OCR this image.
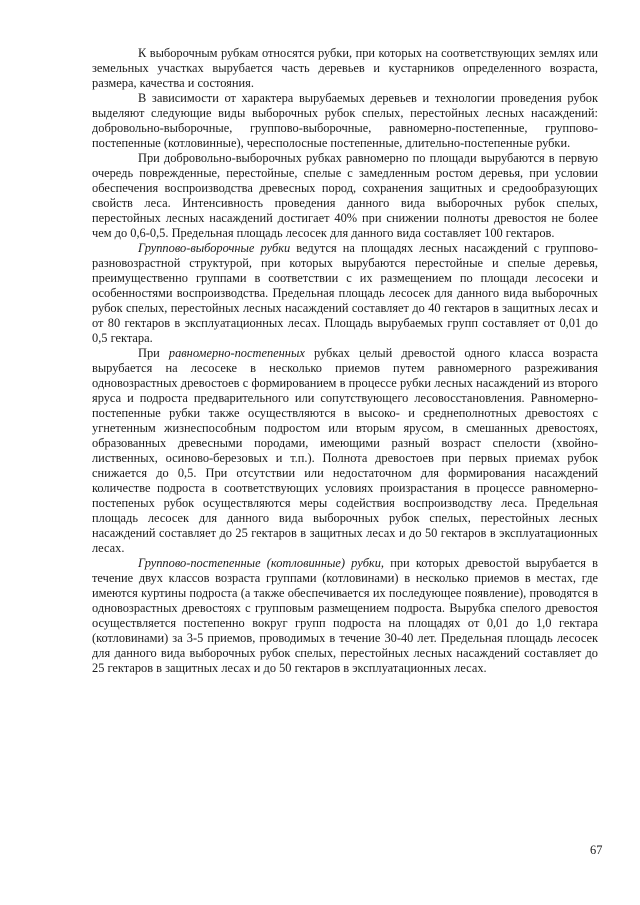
К выборочным рубкам относятся рубки, при которых на соответствующих землях или земельных участках вырубается часть деревьев и кустарников определенного возраста, размера, качества и состояния.

В зависимости от характера вырубаемых деревьев и технологии проведения рубок выделяют следующие виды выборочных рубок спелых, перестойных лесных насаждений: добровольно-выборочные, группово-выборочные, равномерно-постепенные, группово-постепенные (котловинные), чересполосные постепенные, длительно-постепенные рубки.

При добровольно-выборочных рубках равномерно по площади вырубаются в первую очередь поврежденные, перестойные, спелые с замедленным ростом деревья, при условии обеспечения воспроизводства древесных пород, сохранения защитных и средообразующих свойств леса. Интенсивность проведения данного вида выборочных рубок спелых, перестойных лесных насаждений достигает 40% при снижении полноты древостоя не более чем до 0,6-0,5. Предельная площадь лесосек для данного вида составляет 100 гектаров.

Группово-выборочные рубки ведутся на площадях лесных насаждений с группово-разновозрастной структурой, при которых вырубаются перестойные и спелые деревья, преимущественно группами в соответствии с их размещением по площади лесосеки и особенностями воспроизводства. Предельная площадь лесосек для данного вида выборочных рубок спелых, перестойных лесных насаждений составляет до 40 гектаров в защитных лесах и от 80 гектаров в эксплуатационных лесах. Площадь вырубаемых групп составляет от 0,01 до 0,5 гектара.

При равномерно-постепенных рубках целый древостой одного класса возраста вырубается на лесосеке в несколько приемов путем равномерного разреживания одновозрастных древостоев с формированием в процессе рубки лесных насаждений из второго яруса и подроста предварительного или сопутствующего лесовосстановления. Равномерно-постепенные рубки также осуществляются в высоко- и среднеполнотных древостоях с угнетенным жизнеспособным подростом или вторым ярусом, в смешанных древостоях, образованных древесными породами, имеющими разный возраст спелости (хвойно-лиственных, осиново-березовых и т.п.). Полнота древостоев при первых приемах рубок снижается до 0,5. При отсутствии или недостаточном для формирования насаждений количестве подроста в соответствующих условиях произрастания в процессе равномерно-постепеных рубок осуществляются меры содействия воспроизводству леса. Предельная площадь лесосек для данного вида выборочных рубок спелых, перестойных лесных насаждений составляет до 25 гектаров в защитных лесах и до 50 гектаров в эксплуатационных лесах.

Группово-постепенные (котловинные) рубки, при которых древостой вырубается в течение двух классов возраста группами (котловинами) в несколько приемов в местах, где имеются куртины подроста (а также обеспечивается их последующее появление), проводятся в одновозрастных древостоях с групповым размещением подроста. Вырубка спелого древостоя осуществляется постепенно вокруг групп подроста на площадях от 0,01 до 1,0 гектара (котловинами) за 3-5 приемов, проводимых в течение 30-40 лет. Предельная площадь лесосек для данного вида выборочных рубок спелых, перестойных лесных насаждений составляет до 25 гектаров в защитных лесах и до 50 гектаров в эксплуатационных лесах.

67
